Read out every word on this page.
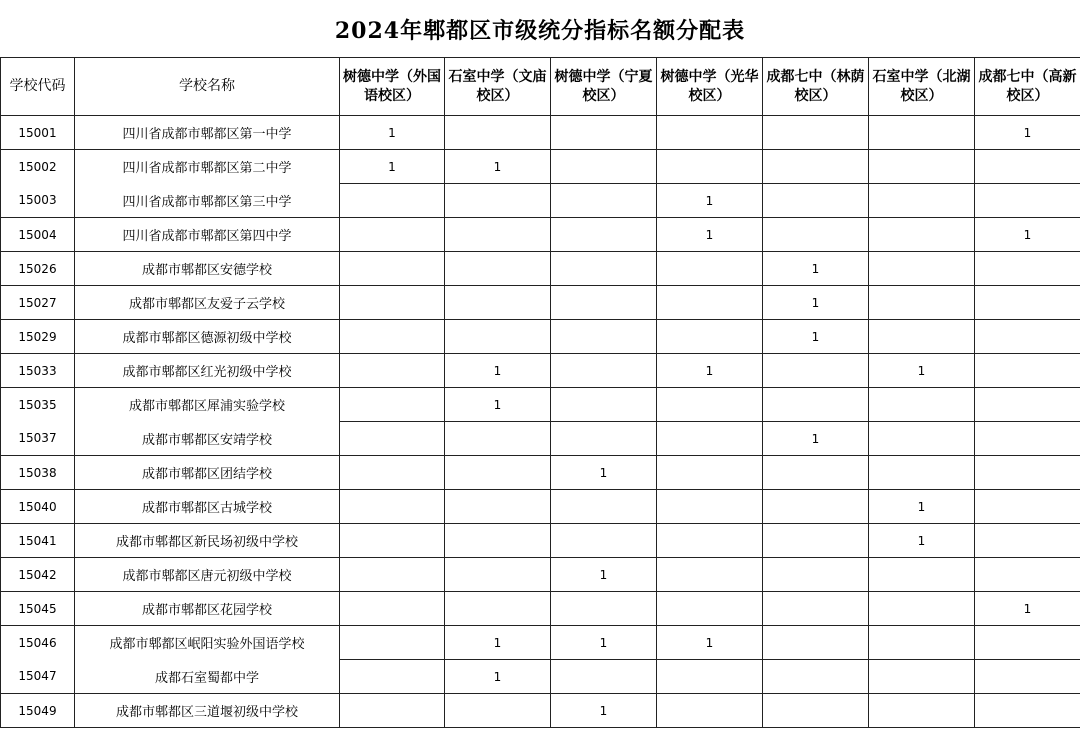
2024年郫都区市级统分指标名额分配表
学校代码	学校名称	树德中学（外国语校区）	石室中学（文庙校区）	树德中学（宁夏校区）	树德中学（光华校区）	成都七中（林荫校区）	石室中学（北湖校区）	成都七中（高新校区）
15001	四川省成都市郫都区第一中学	1						1
15002	四川省成都市郫都区第二中学	1	1					
15003	四川省成都市郫都区第三中学				1			
15004	四川省成都市郫都区第四中学				1			1
15026	成都市郫都区安德学校					1		
15027	成都市郫都区友爱子云学校					1		
15029	成都市郫都区德源初级中学校					1		
15033	成都市郫都区红光初级中学校		1		1		1	
15035	成都市郫都区犀浦实验学校		1					
15037	成都市郫都区安靖学校					1		
15038	成都市郫都区团结学校			1				
15040	成都市郫都区古城学校						1	
15041	成都市郫都区新民场初级中学校						1	
15042	成都市郫都区唐元初级中学校			1				
15045	成都市郫都区花园学校							1
15046	成都市郫都区岷阳实验外国语学校		1	1	1			
15047	成都石室蜀都中学		1					
15049	成都市郫都区三道堰初级中学校			1				
